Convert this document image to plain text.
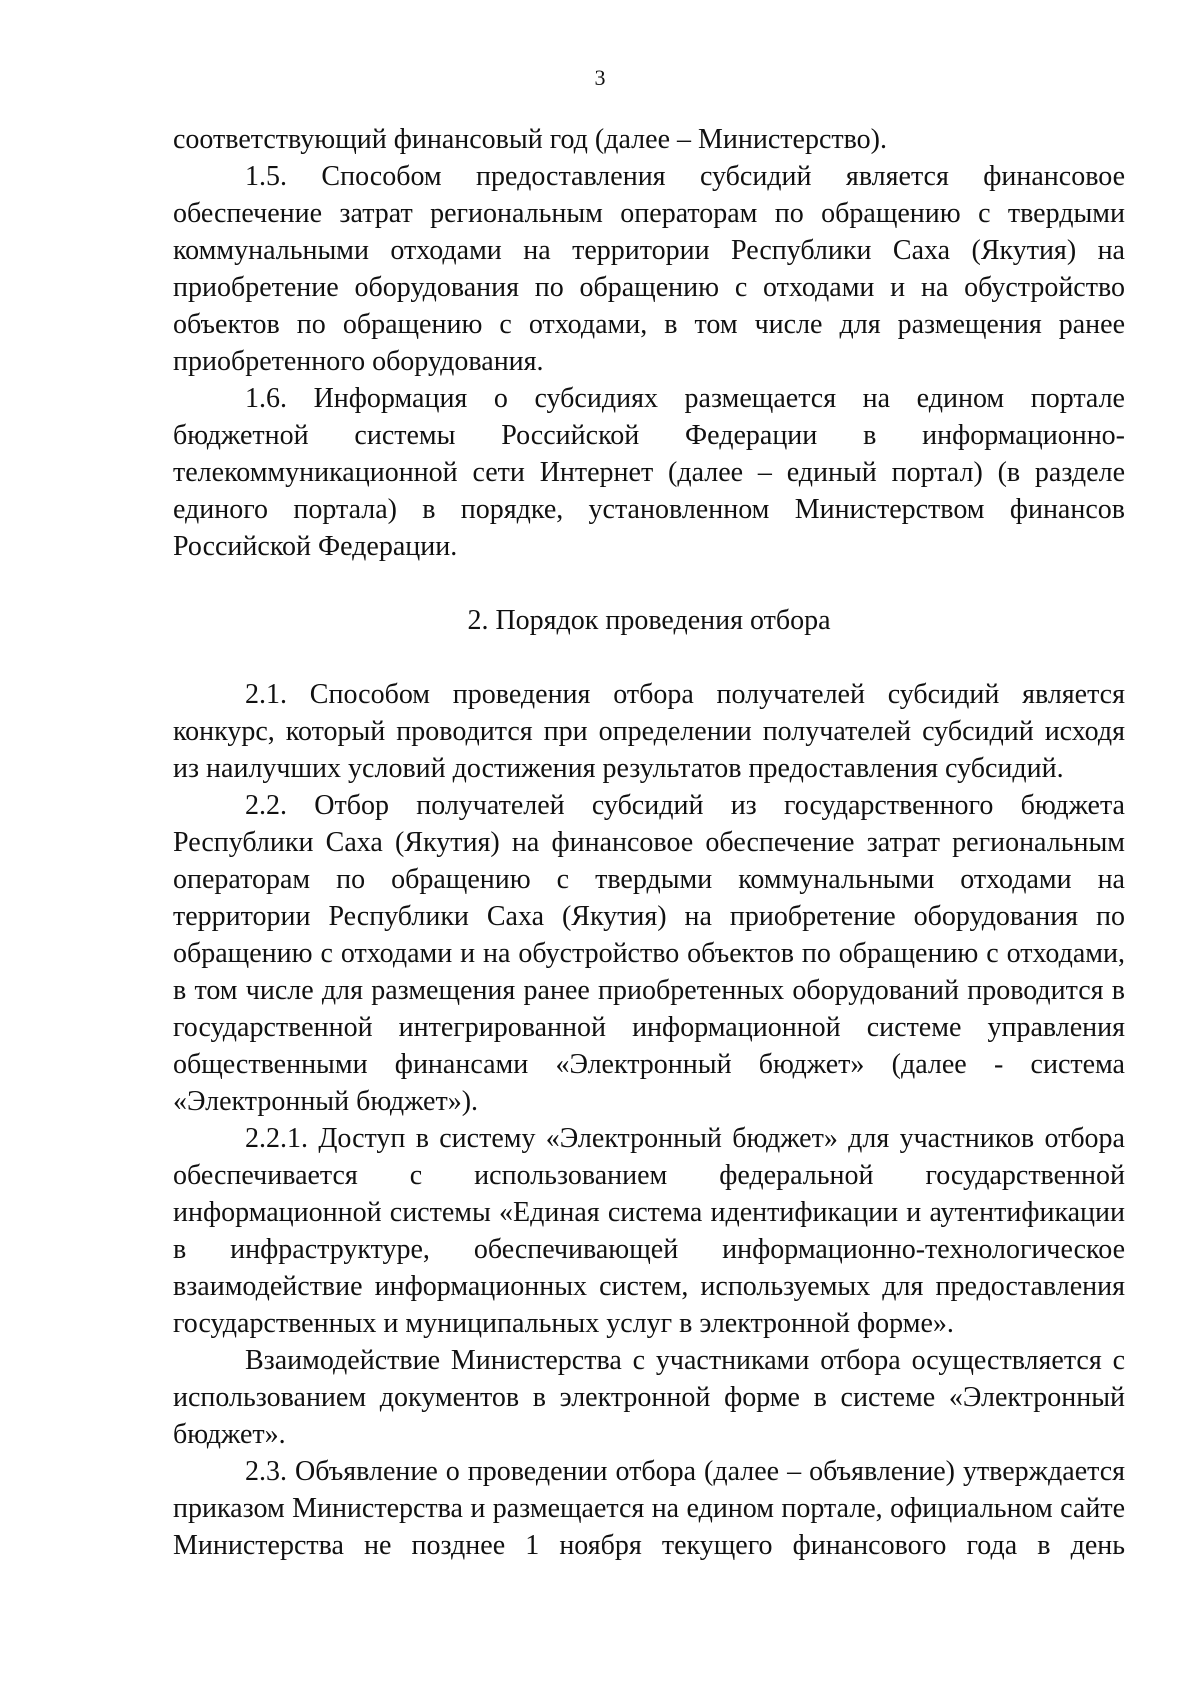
3

соответствующий финансовый год (далее – Министерство).

1.5. Способом предоставления субсидий является финансовое обеспечение затрат региональным операторам по обращению с твердыми коммунальными отходами на территории Республики Саха (Якутия) на приобретение оборудования по обращению с отходами и на обустройство объектов по обращению с отходами, в том числе для размещения ранее приобретенного оборудования.

1.6. Информация о субсидиях размещается на едином портале бюджетной системы Российской Федерации в информационно-телекоммуникационной сети Интернет (далее – единый портал) (в разделе единого портала) в порядке, установленном Министерством финансов Российской Федерации.

2. Порядок проведения отбора

2.1. Способом проведения отбора получателей субсидий является конкурс, который проводится при определении получателей субсидий исходя из наилучших условий достижения результатов предоставления субсидий.

2.2. Отбор получателей субсидий из государственного бюджета Республики Саха (Якутия) на финансовое обеспечение затрат региональным операторам по обращению с твердыми коммунальными отходами на территории Республики Саха (Якутия) на приобретение оборудования по обращению с отходами и на обустройство объектов по обращению с отходами, в том числе для размещения ранее приобретенных оборудований проводится в государственной интегрированной информационной системе управления общественными финансами «Электронный бюджет» (далее - система «Электронный бюджет»).

2.2.1. Доступ в систему «Электронный бюджет» для участников отбора обеспечивается с использованием федеральной государственной информационной системы «Единая система идентификации и аутентификации в инфраструктуре, обеспечивающей информационно-технологическое взаимодействие информационных систем, используемых для предоставления государственных и муниципальных услуг в электронной форме».

Взаимодействие Министерства с участниками отбора осуществляется с использованием документов в электронной форме в системе «Электронный бюджет».

2.3. Объявление о проведении отбора (далее – объявление) утверждается приказом Министерства и размещается на едином портале, официальном сайте Министерства не позднее 1 ноября текущего финансового года в день
